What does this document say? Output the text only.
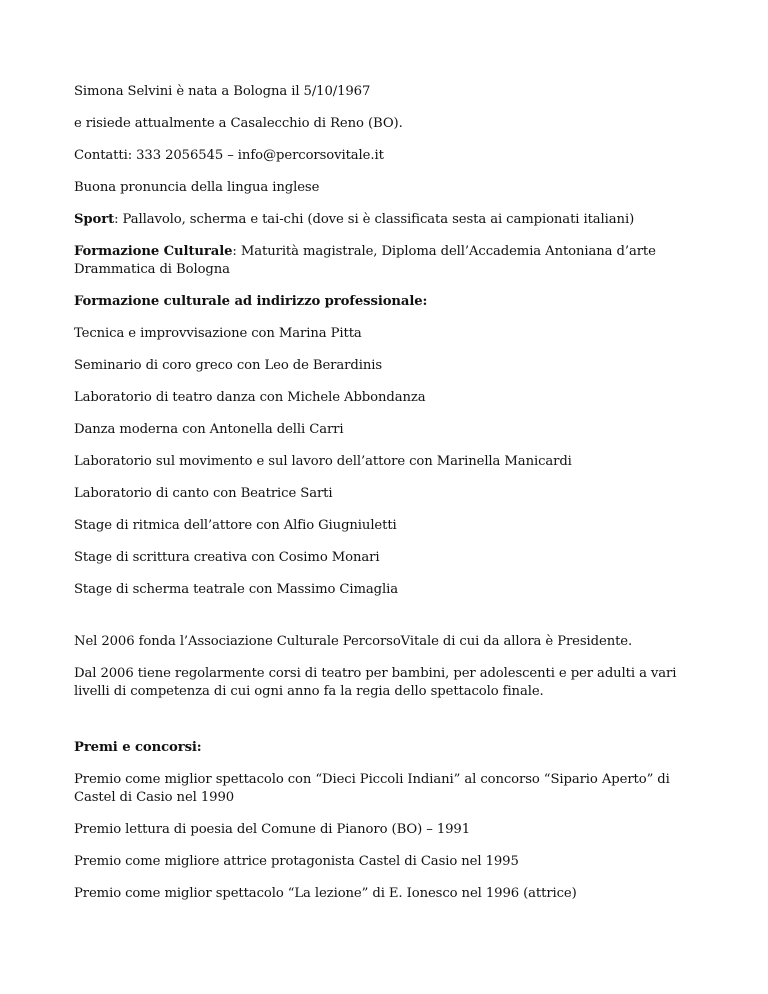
Simona Selvini è nata a Bologna il 5/10/1967

e risiede attualmente a Casalecchio di Reno (BO).

Contatti: 333 2056545 – info@percorsovitale.it

Buona pronuncia della lingua inglese

Sport: Pallavolo, scherma e tai-chi (dove si è classificata sesta ai campionati italiani)

Formazione Culturale: Maturità magistrale, Diploma dell’Accademia Antoniana d’arte Drammatica di Bologna

Formazione culturale ad indirizzo professionale:

Tecnica e improvvisazione con Marina Pitta

Seminario di coro greco con Leo de Berardinis

Laboratorio di teatro danza con Michele Abbondanza

Danza moderna con Antonella delli Carri

Laboratorio sul movimento e sul lavoro dell’attore con Marinella Manicardi

Laboratorio di canto con Beatrice Sarti

Stage di ritmica dell’attore con Alfio Giugniuletti

Stage di scrittura creativa con Cosimo Monari

Stage di scherma teatrale con Massimo Cimaglia

Nel 2006 fonda l’Associazione Culturale PercorsoVitale di cui da allora è Presidente.

Dal 2006 tiene regolarmente corsi di teatro per bambini, per adolescenti e per adulti a vari livelli di competenza di cui ogni anno fa la regia dello spettacolo finale.

Premi e concorsi:

Premio come miglior spettacolo con “Dieci Piccoli Indiani” al concorso “Sipario Aperto” di Castel di Casio nel 1990

Premio lettura di poesia del Comune di Pianoro (BO) – 1991

Premio come migliore attrice protagonista Castel di Casio nel 1995

Premio come miglior spettacolo “La lezione” di E. Ionesco nel 1996 (attrice)
